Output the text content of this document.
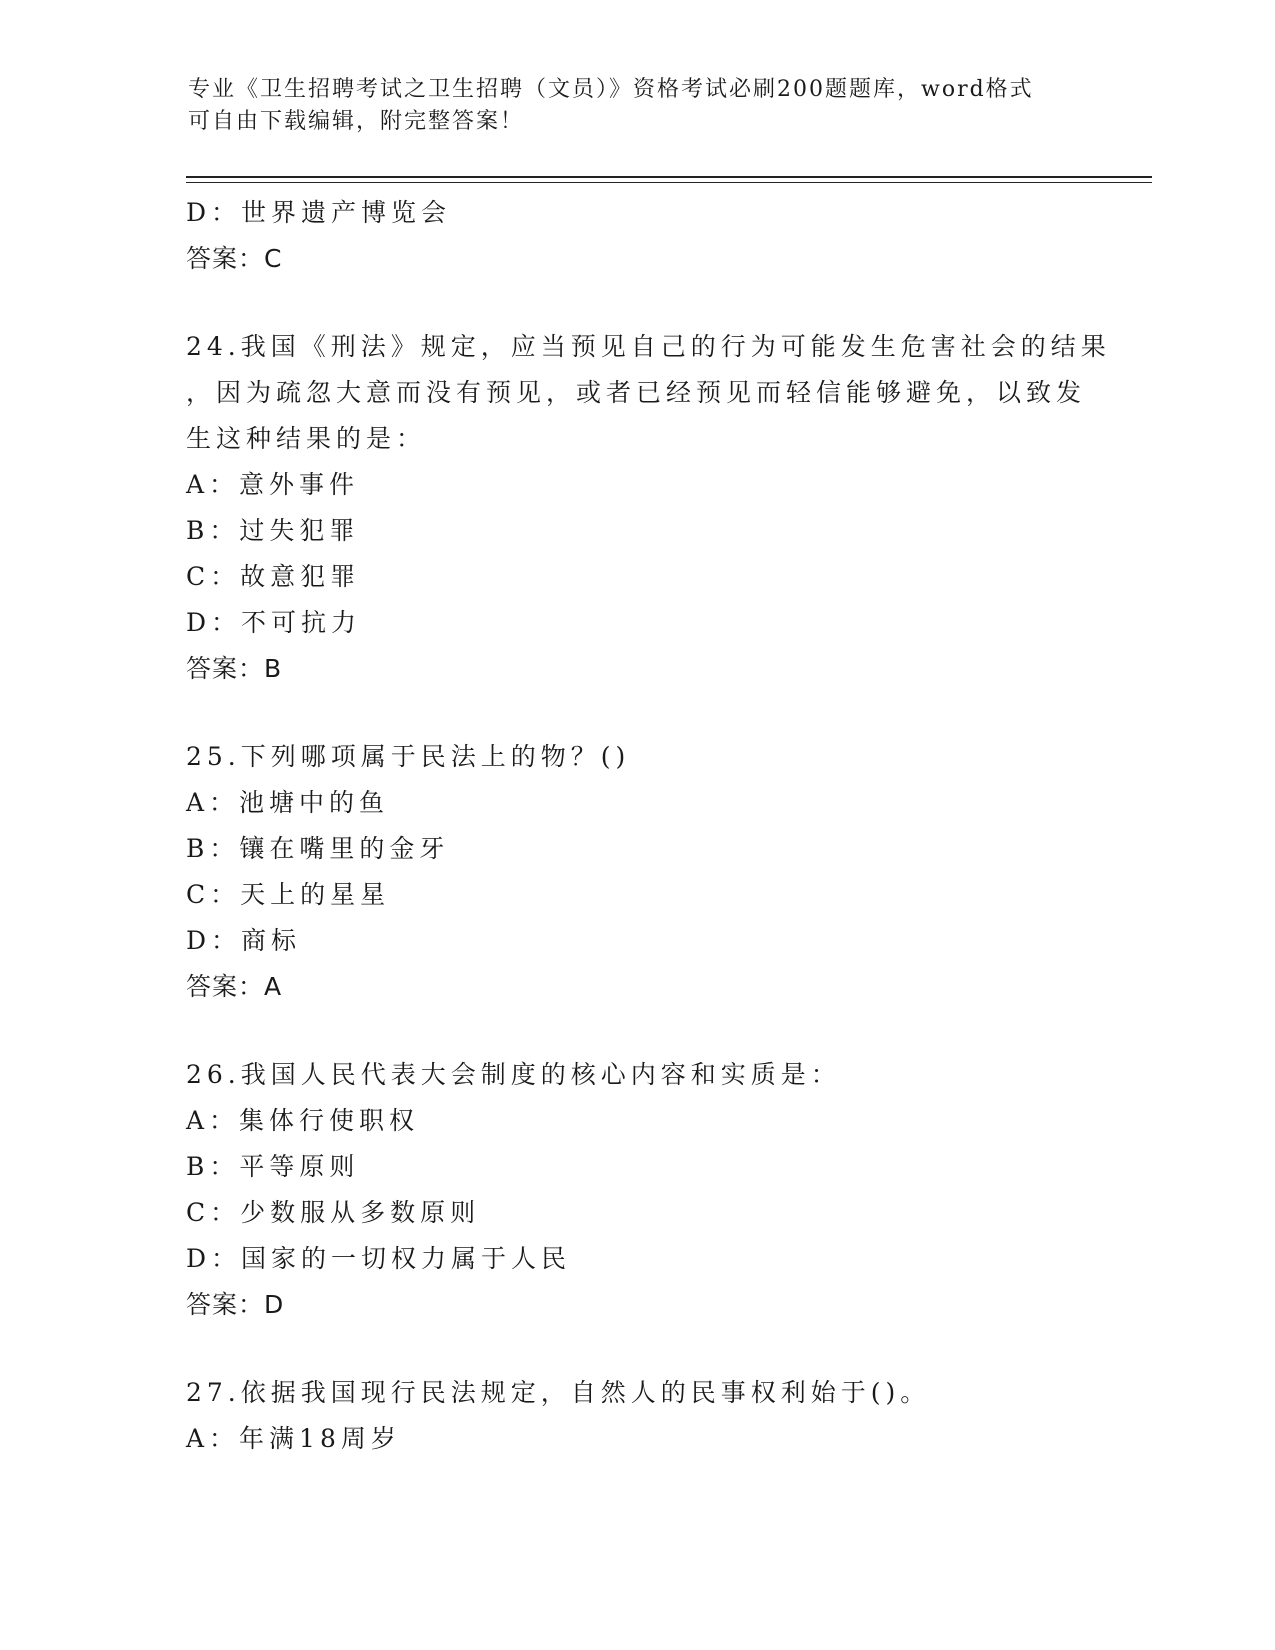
专业《卫生招聘考试之卫生招聘（文员）》资格考试必刷200题题库，word格式
可自由下载编辑，附完整答案！
D：世界遗产博览会
答案：C
24.我国《刑法》规定，应当预见自己的行为可能发生危害社会的结果
，因为疏忽大意而没有预见，或者已经预见而轻信能够避免，以致发
生这种结果的是：
A：意外事件
B：过失犯罪
C：故意犯罪
D：不可抗力
答案：B
25.下列哪项属于民法上的物？()
A：池塘中的鱼
B：镶在嘴里的金牙
C：天上的星星
D：商标
答案：A
26.我国人民代表大会制度的核心内容和实质是：
A：集体行使职权
B：平等原则
C：少数服从多数原则
D：国家的一切权力属于人民
答案：D
27.依据我国现行民法规定，自然人的民事权利始于()。
A：年满18周岁
